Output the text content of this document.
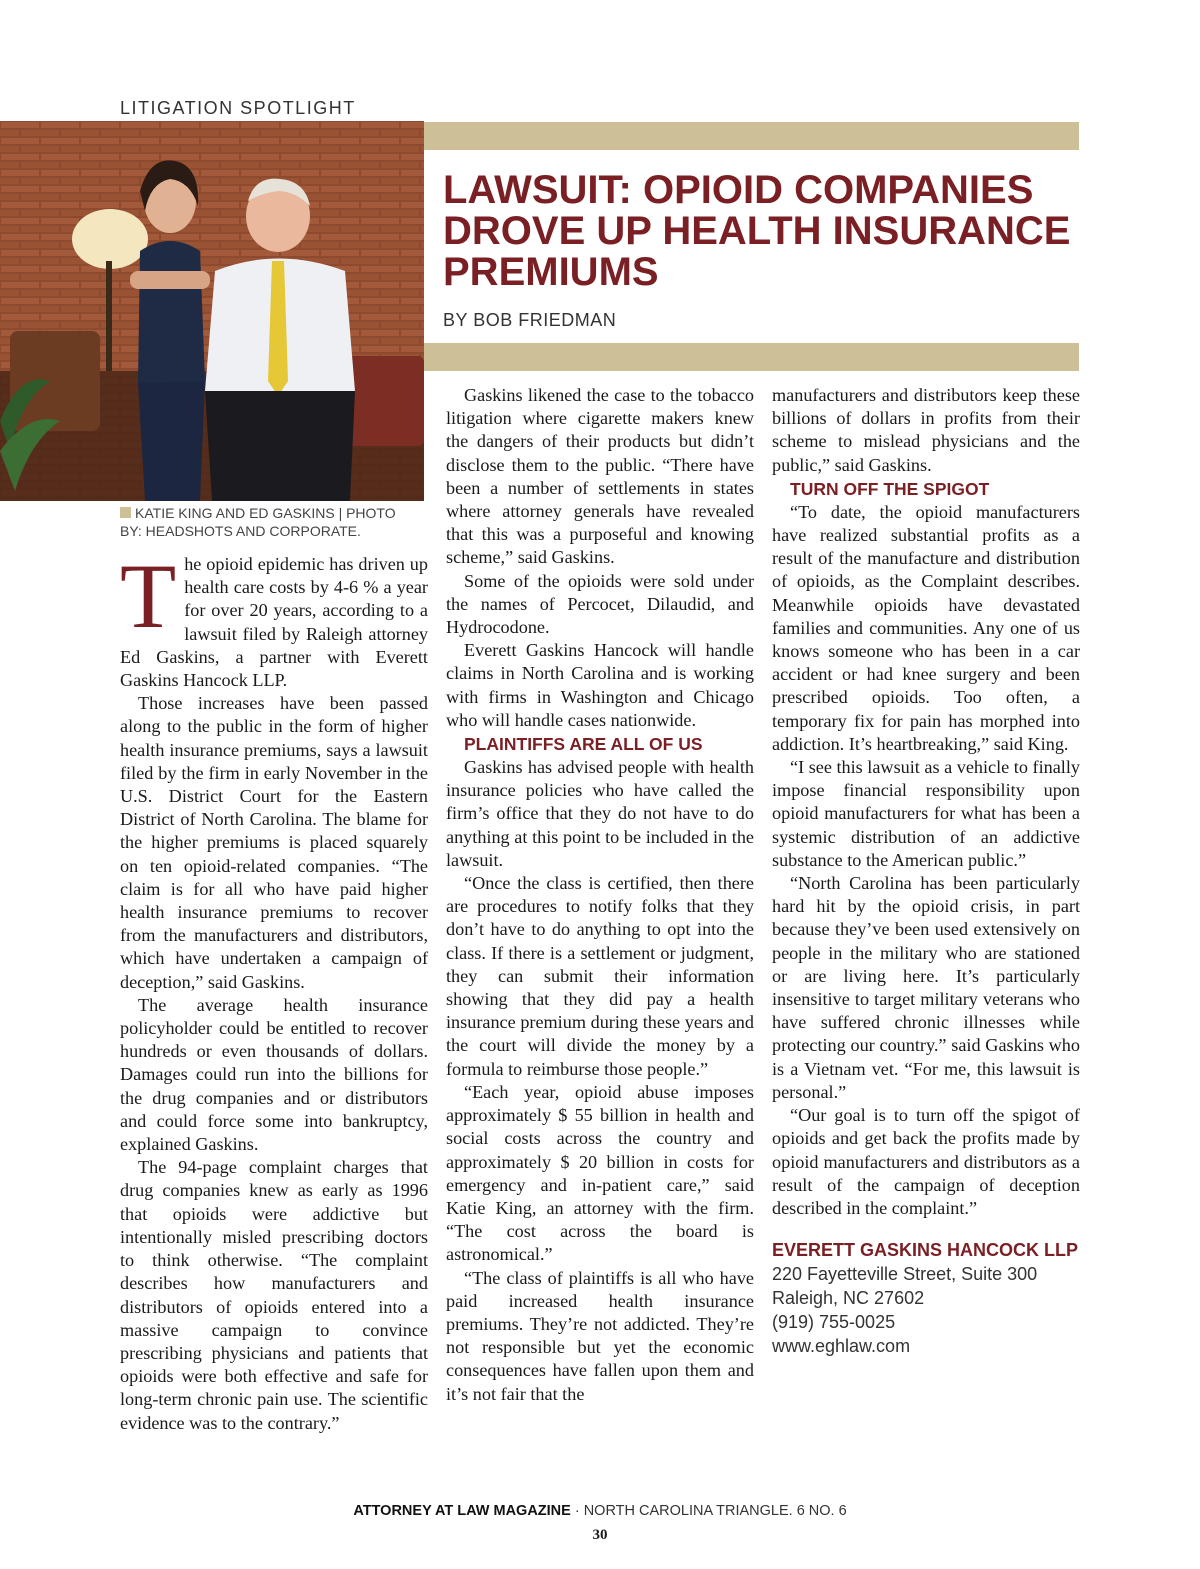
LITIGATION SPOTLIGHT
LAWSUIT: OPIOID COMPANIES DROVE UP HEALTH INSURANCE PREMIUMS
BY BOB FRIEDMAN
KATIE KING AND ED GASKINS | PHOTO BY: HEADSHOTS AND CORPORATE.

The opioid epidemic has driven up health care costs by 4-6 % a year for over 20 years, according to a lawsuit filed by Raleigh attorney Ed Gaskins, a partner with Everett Gaskins Hancock LLP.

Those increases have been passed along to the public in the form of higher health insurance premiums, says a lawsuit filed by the firm in early November in the U.S. District Court for the Eastern District of North Carolina. The blame for the higher premiums is placed squarely on ten opioid-related companies. “The claim is for all who have paid higher health insurance premiums to recover from the manufacturers and distributors, which have undertaken a campaign of deception,” said Gaskins.

The average health insurance policyholder could be entitled to recover hundreds or even thousands of dollars. Damages could run into the billions for the drug companies and or distributors and could force some into bankruptcy, explained Gaskins.

The 94-page complaint charges that drug companies knew as early as 1996 that opioids were addictive but intentionally misled prescribing doctors to think otherwise. “The complaint describes how manufacturers and distributors of opioids entered into a massive campaign to convince prescribing physicians and patients that opioids were both effective and safe for long-term chronic pain use. The scientific evidence was to the contrary.”

Gaskins likened the case to the tobacco litigation where cigarette makers knew the dangers of their products but didn’t disclose them to the public. “There have been a number of settlements in states where attorney generals have revealed that this was a purposeful and knowing scheme,” said Gaskins.

Some of the opioids were sold under the names of Percocet, Dilaudid, and Hydrocodone.

Everett Gaskins Hancock will handle claims in North Carolina and is working with firms in Washington and Chicago who will handle cases nationwide.

PLAINTIFFS ARE ALL OF US

Gaskins has advised people with health insurance policies who have called the firm’s office that they do not have to do anything at this point to be included in the lawsuit.

“Once the class is certified, then there are procedures to notify folks that they don’t have to do anything to opt into the class. If there is a settlement or judgment, they can submit their information showing that they did pay a health insurance premium during these years and the court will divide the money by a formula to reimburse those people.”

“Each year, opioid abuse imposes approximately $ 55 billion in health and social costs across the country and approximately $ 20 billion in costs for emergency and in-patient care,” said Katie King, an attorney with the firm. “The cost across the board is astronomical.”

“The class of plaintiffs is all who have paid increased health insurance premiums. They’re not addicted. They’re not responsible but yet the economic consequences have fallen upon them and it’s not fair that the

manufacturers and distributors keep these billions of dollars in profits from their scheme to mislead physicians and the public,” said Gaskins.

TURN OFF THE SPIGOT

“To date, the opioid manufacturers have realized substantial profits as a result of the manufacture and distribution of opioids, as the Complaint describes. Meanwhile opioids have devastated families and communities. Any one of us knows someone who has been in a car accident or had knee surgery and been prescribed opioids. Too often, a temporary fix for pain has morphed into addiction. It’s heartbreaking,” said King.

“I see this lawsuit as a vehicle to finally impose financial responsibility upon opioid manufacturers for what has been a systemic distribution of an addictive substance to the American public.”

“North Carolina has been particularly hard hit by the opioid crisis, in part because they’ve been used extensively on people in the military who are stationed or are living here. It’s particularly insensitive to target military veterans who have suffered chronic illnesses while protecting our country.” said Gaskins who is a Vietnam vet. “For me, this lawsuit is personal.”

“Our goal is to turn off the spigot of opioids and get back the profits made by opioid manufacturers and distributors as a result of the campaign of deception described in the complaint.”

EVERETT GASKINS HANCOCK LLP
220 Fayetteville Street, Suite 300
Raleigh, NC 27602
(919) 755-0025
www.eghlaw.com
ATTORNEY AT LAW MAGAZINE · NORTH CAROLINA TRIANGLE. 6 NO. 6
30
